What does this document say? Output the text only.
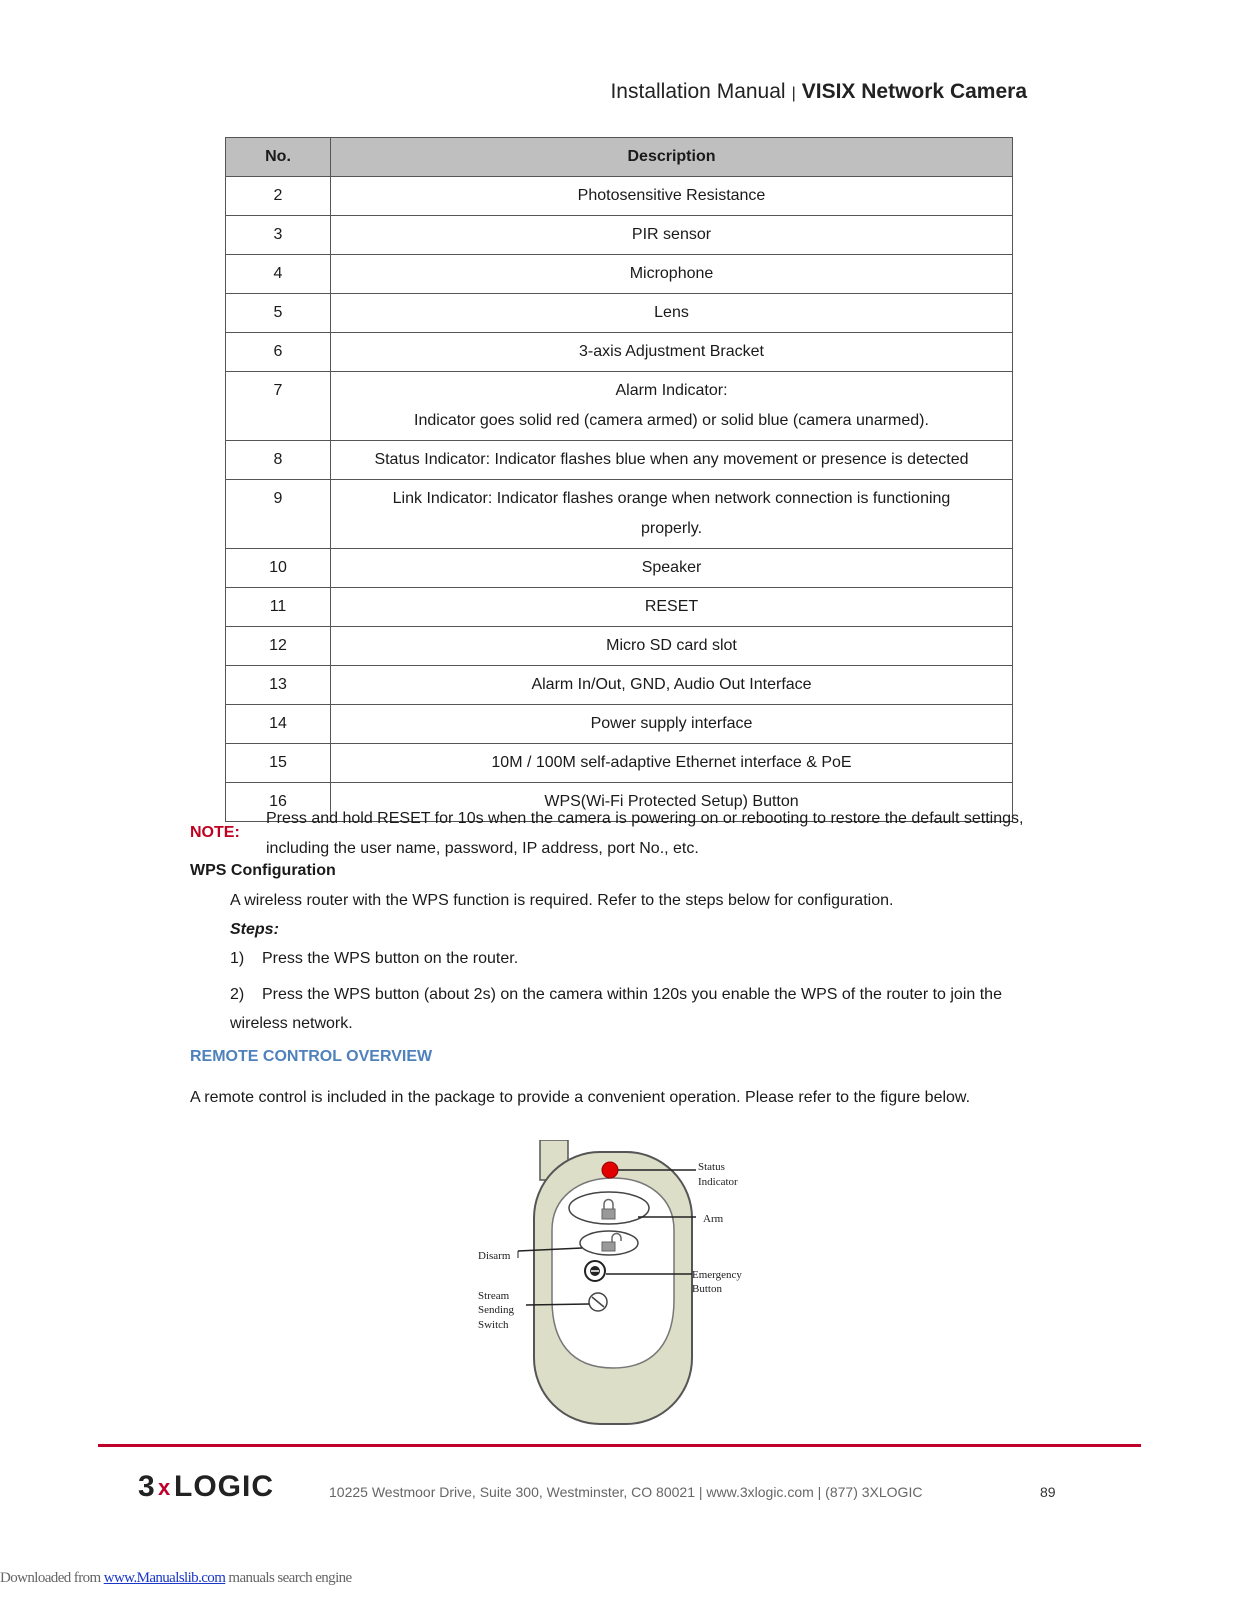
Installation Manual | VISIX Network Camera
No.	Description
2	Photosensitive Resistance
3	PIR sensor
4	Microphone
5	Lens
6	3-axis Adjustment Bracket
7	Alarm Indicator:
Indicator goes solid red (camera armed) or solid blue (camera unarmed).

8	Status Indicator: Indicator flashes blue when any movement or presence is detected
9	Link Indicator: Indicator flashes orange when network connection is functioning
properly.

10	Speaker
11	RESET
12	Micro SD card slot
13	Alarm In/Out, GND, Audio Out Interface
14	Power supply interface
15	10M / 100M self-adaptive Ethernet interface & PoE
16	WPS(Wi-Fi Protected Setup) Button
NOTE:
Press and hold RESET for 10s when the camera is powering on or rebooting to restore the default settings, including the user name, password, IP address, port No., etc.
WPS Configuration
A wireless router with the WPS function is required. Refer to the steps below for configuration.
Steps:
1) Press the WPS button on the router.
2) Press the WPS button (about 2s) on the camera within 120s you enable the WPS of the router to join the wireless network.
REMOTE CONTROL OVERVIEW
A remote control is included in the package to provide a convenient operation. Please refer to the figure below.
Status
Indicator
Arm
Disarm
Emergency
Button
Stream
Sending
Switch
3 x LOGIC	10225 Westmoor Drive, Suite 300, Westminster, CO 80021 | www.3xlogic.com | (877) 3XLOGIC	89
Downloaded from www.Manualslib.com manuals search engine
